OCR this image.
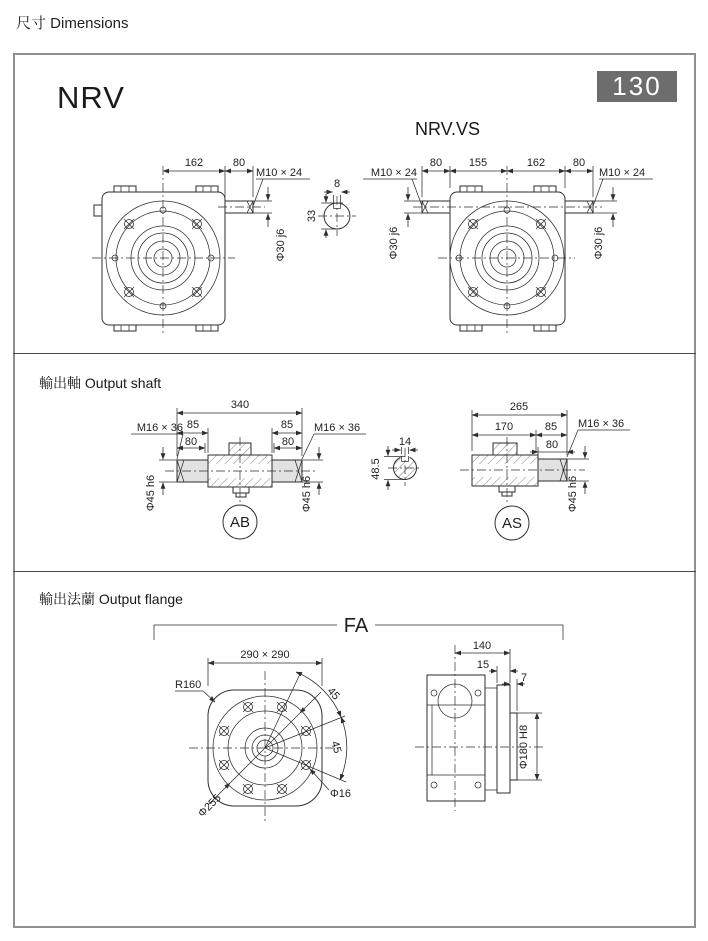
尺寸 Dimensions
NRV	130
NRV.VS
輸出軸 Output shaft
輸出法蘭 Output flange
162	80
M10 × 24
Φ30 j6
8
33
80 155	162	80
M10 × 24	M10 × 24
Φ30 j6	Φ30 j6
340
85	85
80	80
M16 × 36	M16 × 36
Φ45 h6	Φ45 h6
AB
14
48.5
265
170	85 M16 × 36
80
Φ45 h6
AS
FA
290 × 290
R160
45
45
Φ255	Φ16
140
15
7
Φ180 H8
